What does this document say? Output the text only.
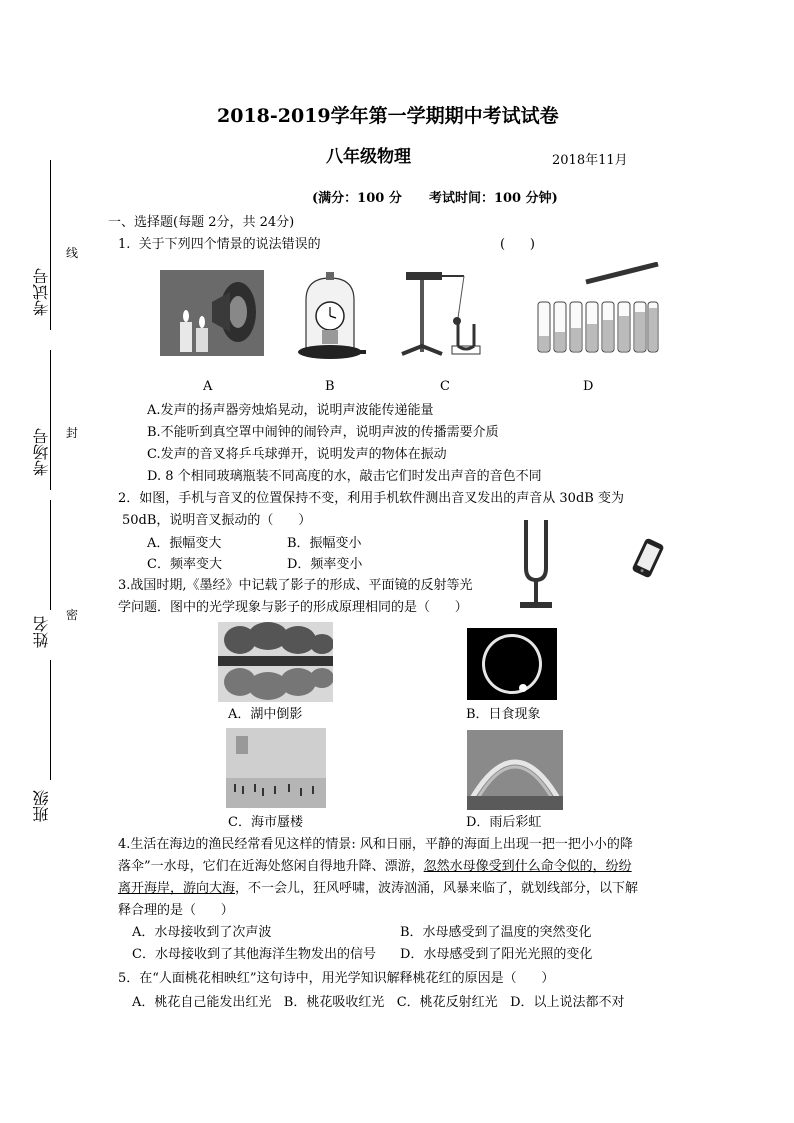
考试号
线
考场号 封
姓名
密
班级
2018-2019学年第一学期期中考试试卷
八年级物理	2018年11月
(满分：100 分      考试时间：100 分钟)
一、选择题(每题 2分，共 24分)
1.  关于下列四个情景的说法错误的	(      )
A	B	C	D
A.发声的扬声器旁烛焰晃动，说明声波能传递能量
B.不能听到真空罩中闹钟的闹铃声，说明声波的传播需要介质
C.发声的音叉将乒乓球弹开，说明发声的物体在振动
D. 8 个相同玻璃瓶装不同高度的水，敲击它们时发出声音的音色不同
2．如图，手机与音叉的位置保持不变，利用手机软件测出音叉发出的声音从 30dB 变为
50dB，说明音叉振动的（      ）
A．振幅变大	B．振幅变小
C．频率变大	D．频率变小
3.战国时期,《墨经》中记载了影子的形成、平面镜的反射等光
学问题．图中的光学现象与影子的形成原理相同的是（      ）
A．湖中倒影	B．日食现象
C．海市蜃楼	D．雨后彩虹
4.生活在海边的渔民经常看见这样的情景: 风和日丽，平静的海面上出现一把一把小小的降
落伞”一水母，它们在近海处悠闲自得地升降、漂游，忽然水母像受到什么命令似的，纷纷
离开海岸，游向大海，不一会儿，狂风呼啸，波涛汹涌，风暴来临了，就划线部分，以下解
释合理的是（      ）
A．水母接收到了次声波	B．水母感受到了温度的突然变化
C．水母接收到了其他海洋生物发出的信号 D．水母感受到了阳光光照的变化
5．在“人面桃花相映红”这句诗中，用光学知识解释桃花红的原因是（      ）
A．桃花自己能发出红光   B．桃花吸收红光   C．桃花反射红光   D．以上说法都不对
